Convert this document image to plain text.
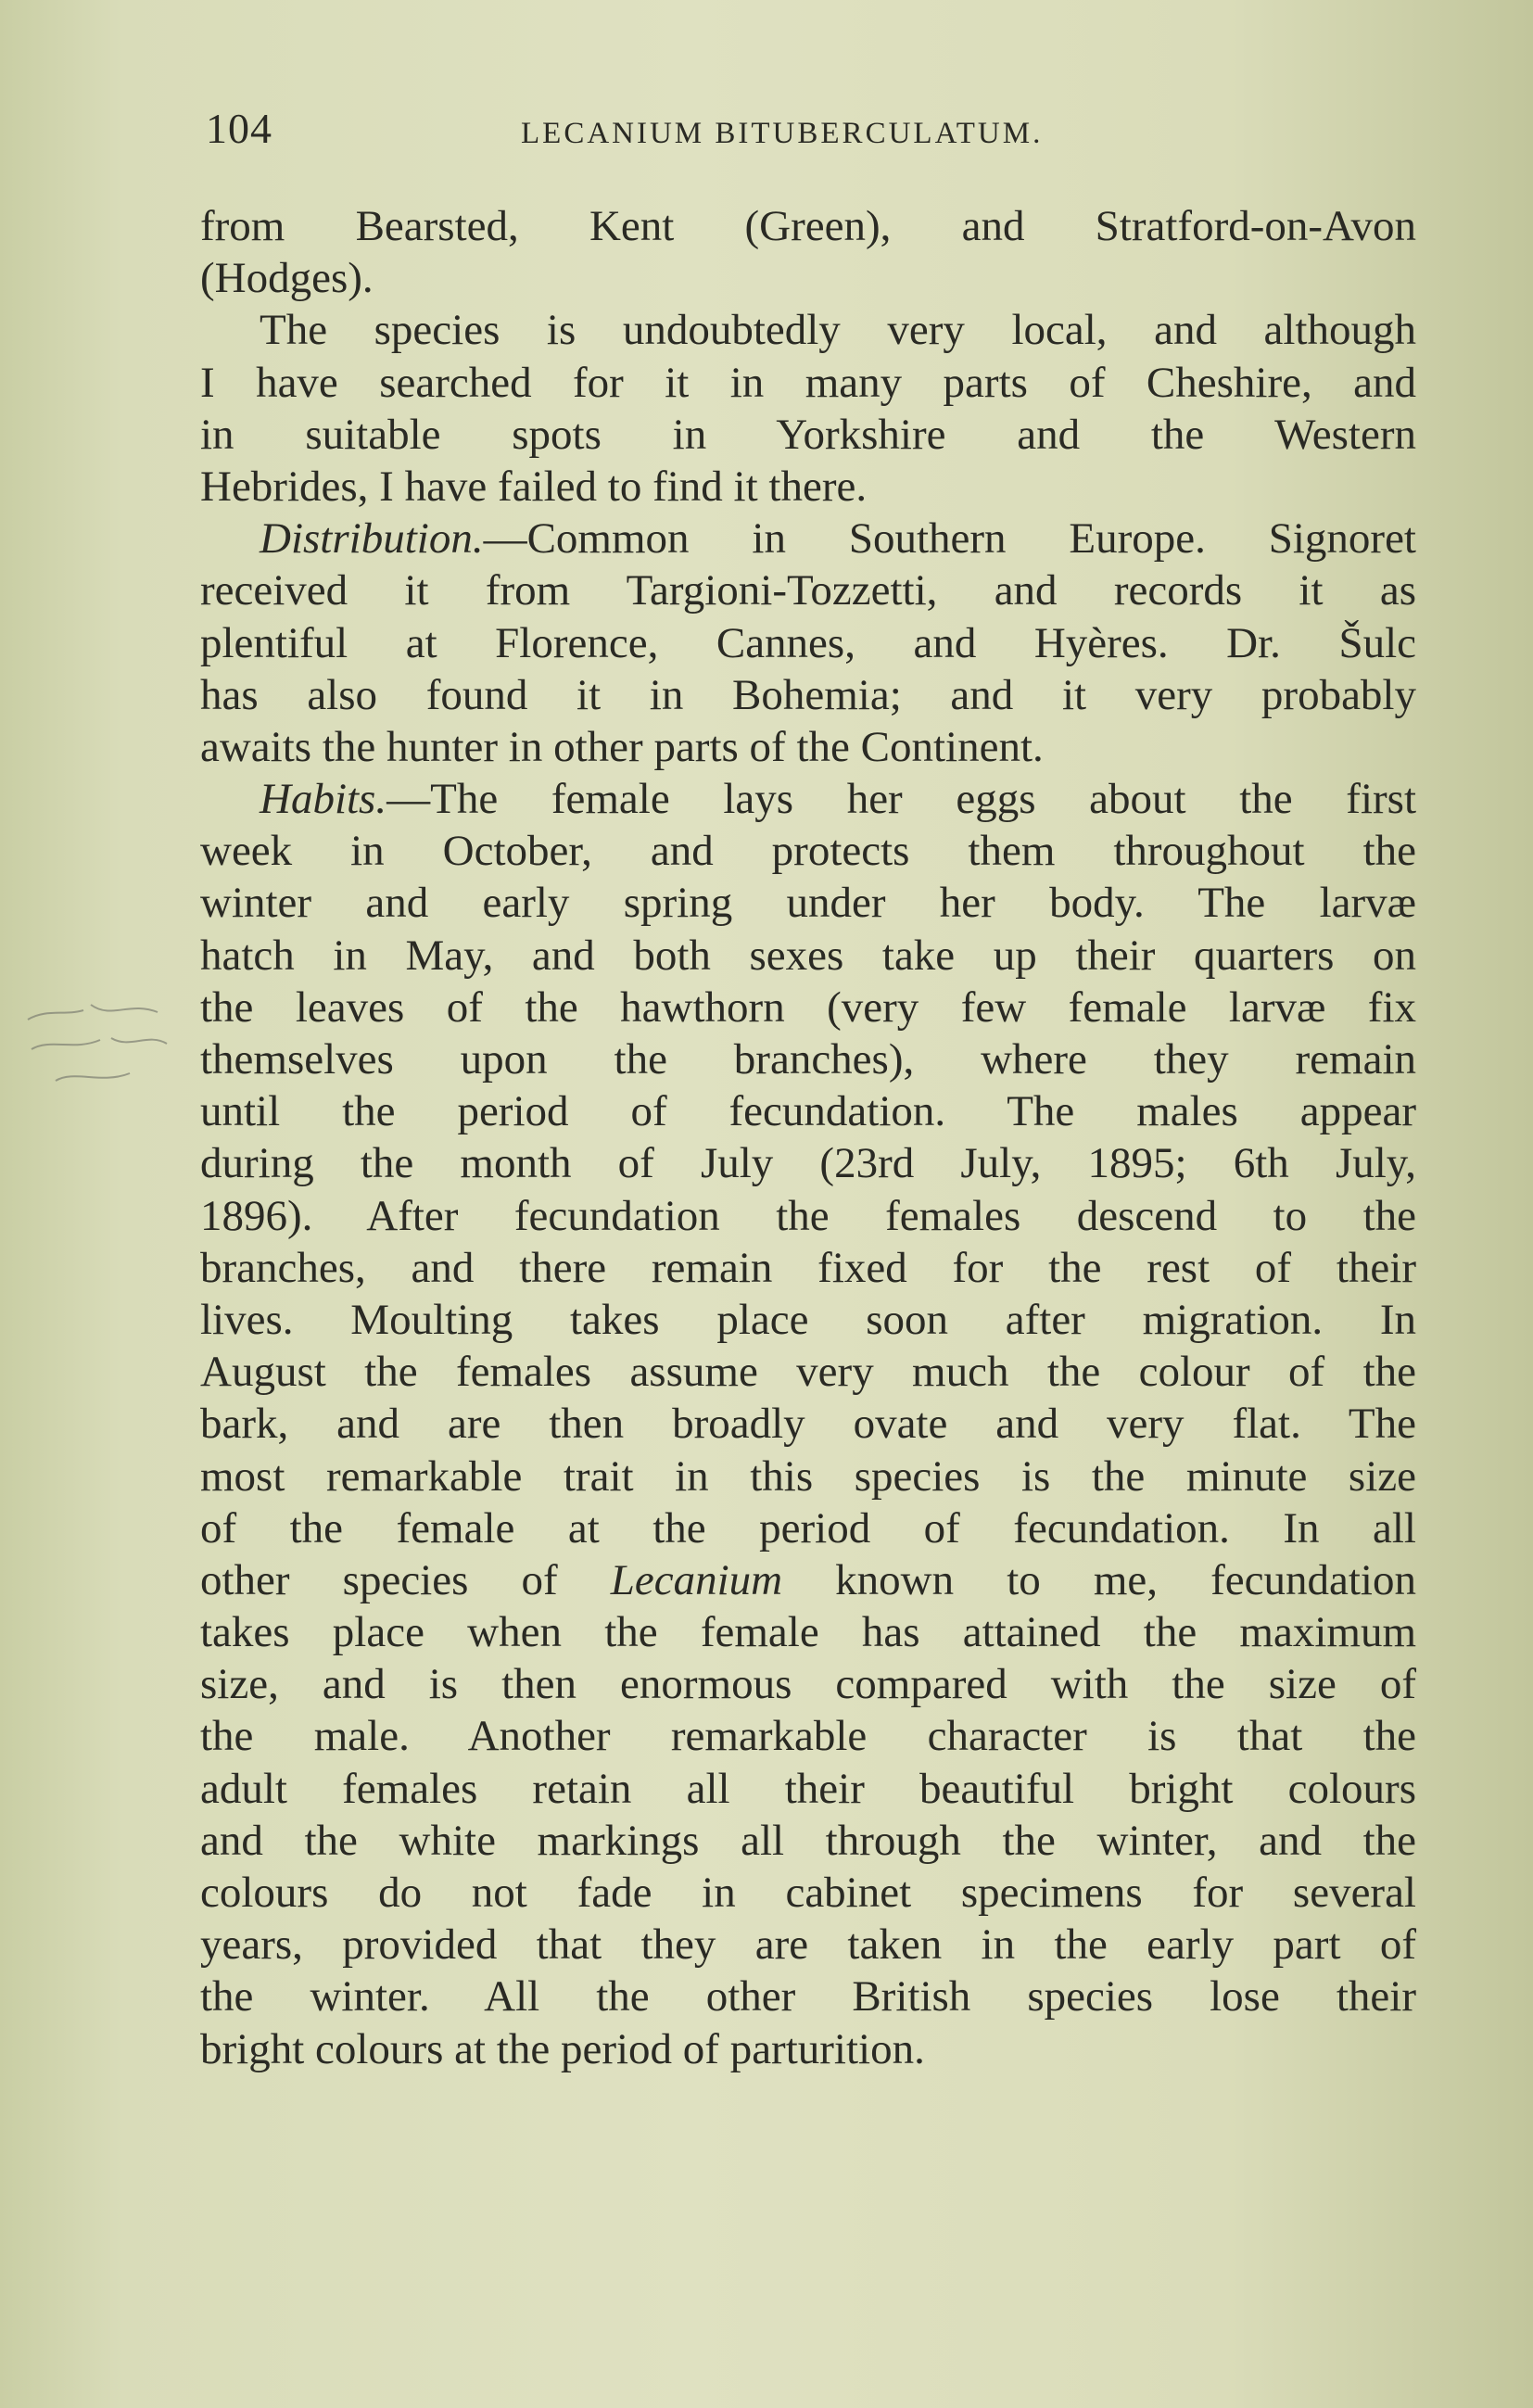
104	LECANIUM BITUBERCULATUM.
from Bearsted, Kent (Green), and Stratford-on-Avon
(Hodges).
The species is undoubtedly very local, and although
I have searched for it in many parts of Cheshire, and
in suitable spots in Yorkshire and the Western
Hebrides, I have failed to find it there.
Distribution.—Common in Southern Europe. Signoret
received it from Targioni-Tozzetti, and records it as
plentiful at Florence, Cannes, and Hyères. Dr. Šulc
has also found it in Bohemia; and it very probably
awaits the hunter in other parts of the Continent.
Habits.—The female lays her eggs about the first
week in October, and protects them throughout the
winter and early spring under her body. The larvæ
hatch in May, and both sexes take up their quarters on
the leaves of the hawthorn (very few female larvæ fix
themselves upon the branches), where they remain
until the period of fecundation. The males appear
during the month of July (23rd July, 1895; 6th July,
1896). After fecundation the females descend to the
branches, and there remain fixed for the rest of their
lives. Moulting takes place soon after migration. In
August the females assume very much the colour of the
bark, and are then broadly ovate and very flat. The
most remarkable trait in this species is the minute size
of the female at the period of fecundation. In all
other species of Lecanium known to me, fecundation
takes place when the female has attained the maximum
size, and is then enormous compared with the size of
the male. Another remarkable character is that the
adult females retain all their beautiful bright colours
and the white markings all through the winter, and the
colours do not fade in cabinet specimens for several
years, provided that they are taken in the early part of
the winter. All the other British species lose their
bright colours at the period of parturition.
